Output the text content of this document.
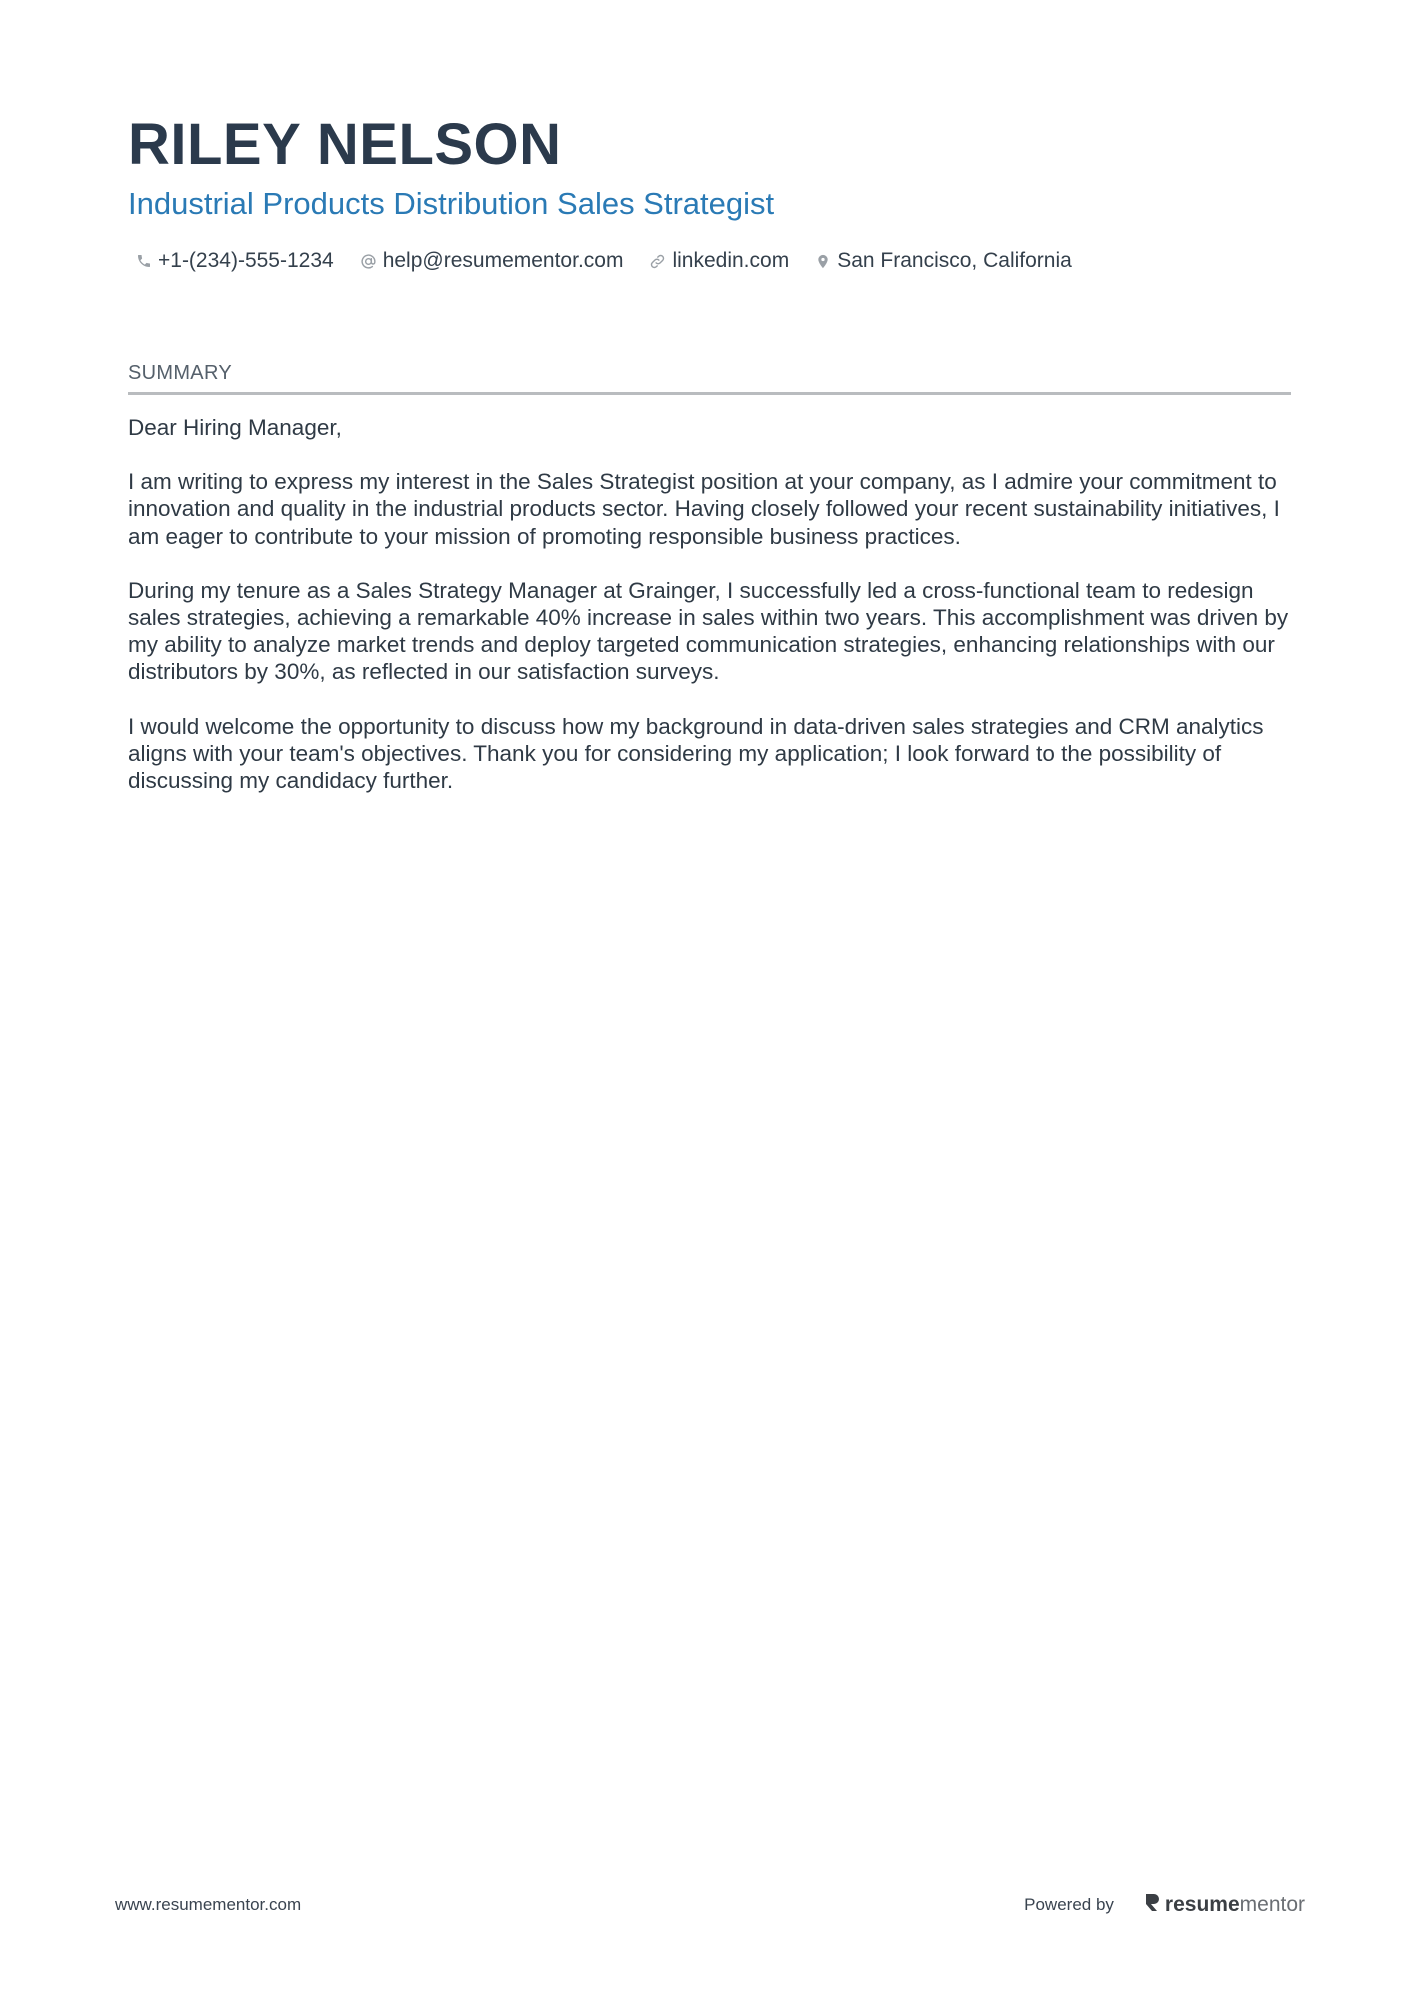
RILEY NELSON
Industrial Products Distribution Sales Strategist
+1-(234)-555-1234 help@resumementor.com linkedin.com San Francisco, California
SUMMARY

Dear Hiring Manager,

I am writing to express my interest in the Sales Strategist position at your company, as I admire your commitment to innovation and quality in the industrial products sector. Having closely followed your recent sustainability initiatives, I am eager to contribute to your mission of promoting responsible business practices.

During my tenure as a Sales Strategy Manager at Grainger, I successfully led a cross-functional team to redesign sales strategies, achieving a remarkable 40% increase in sales within two years. This accomplishment was driven by my ability to analyze market trends and deploy targeted communication strategies, enhancing relationships with our distributors by 30%, as reflected in our satisfaction surveys.

I would welcome the opportunity to discuss how my background in data-driven sales strategies and CRM analytics aligns with your team's objectives. Thank you for considering my application; I look forward to the possibility of discussing my candidacy further.

www.resumementor.com	Powered by resumementor
